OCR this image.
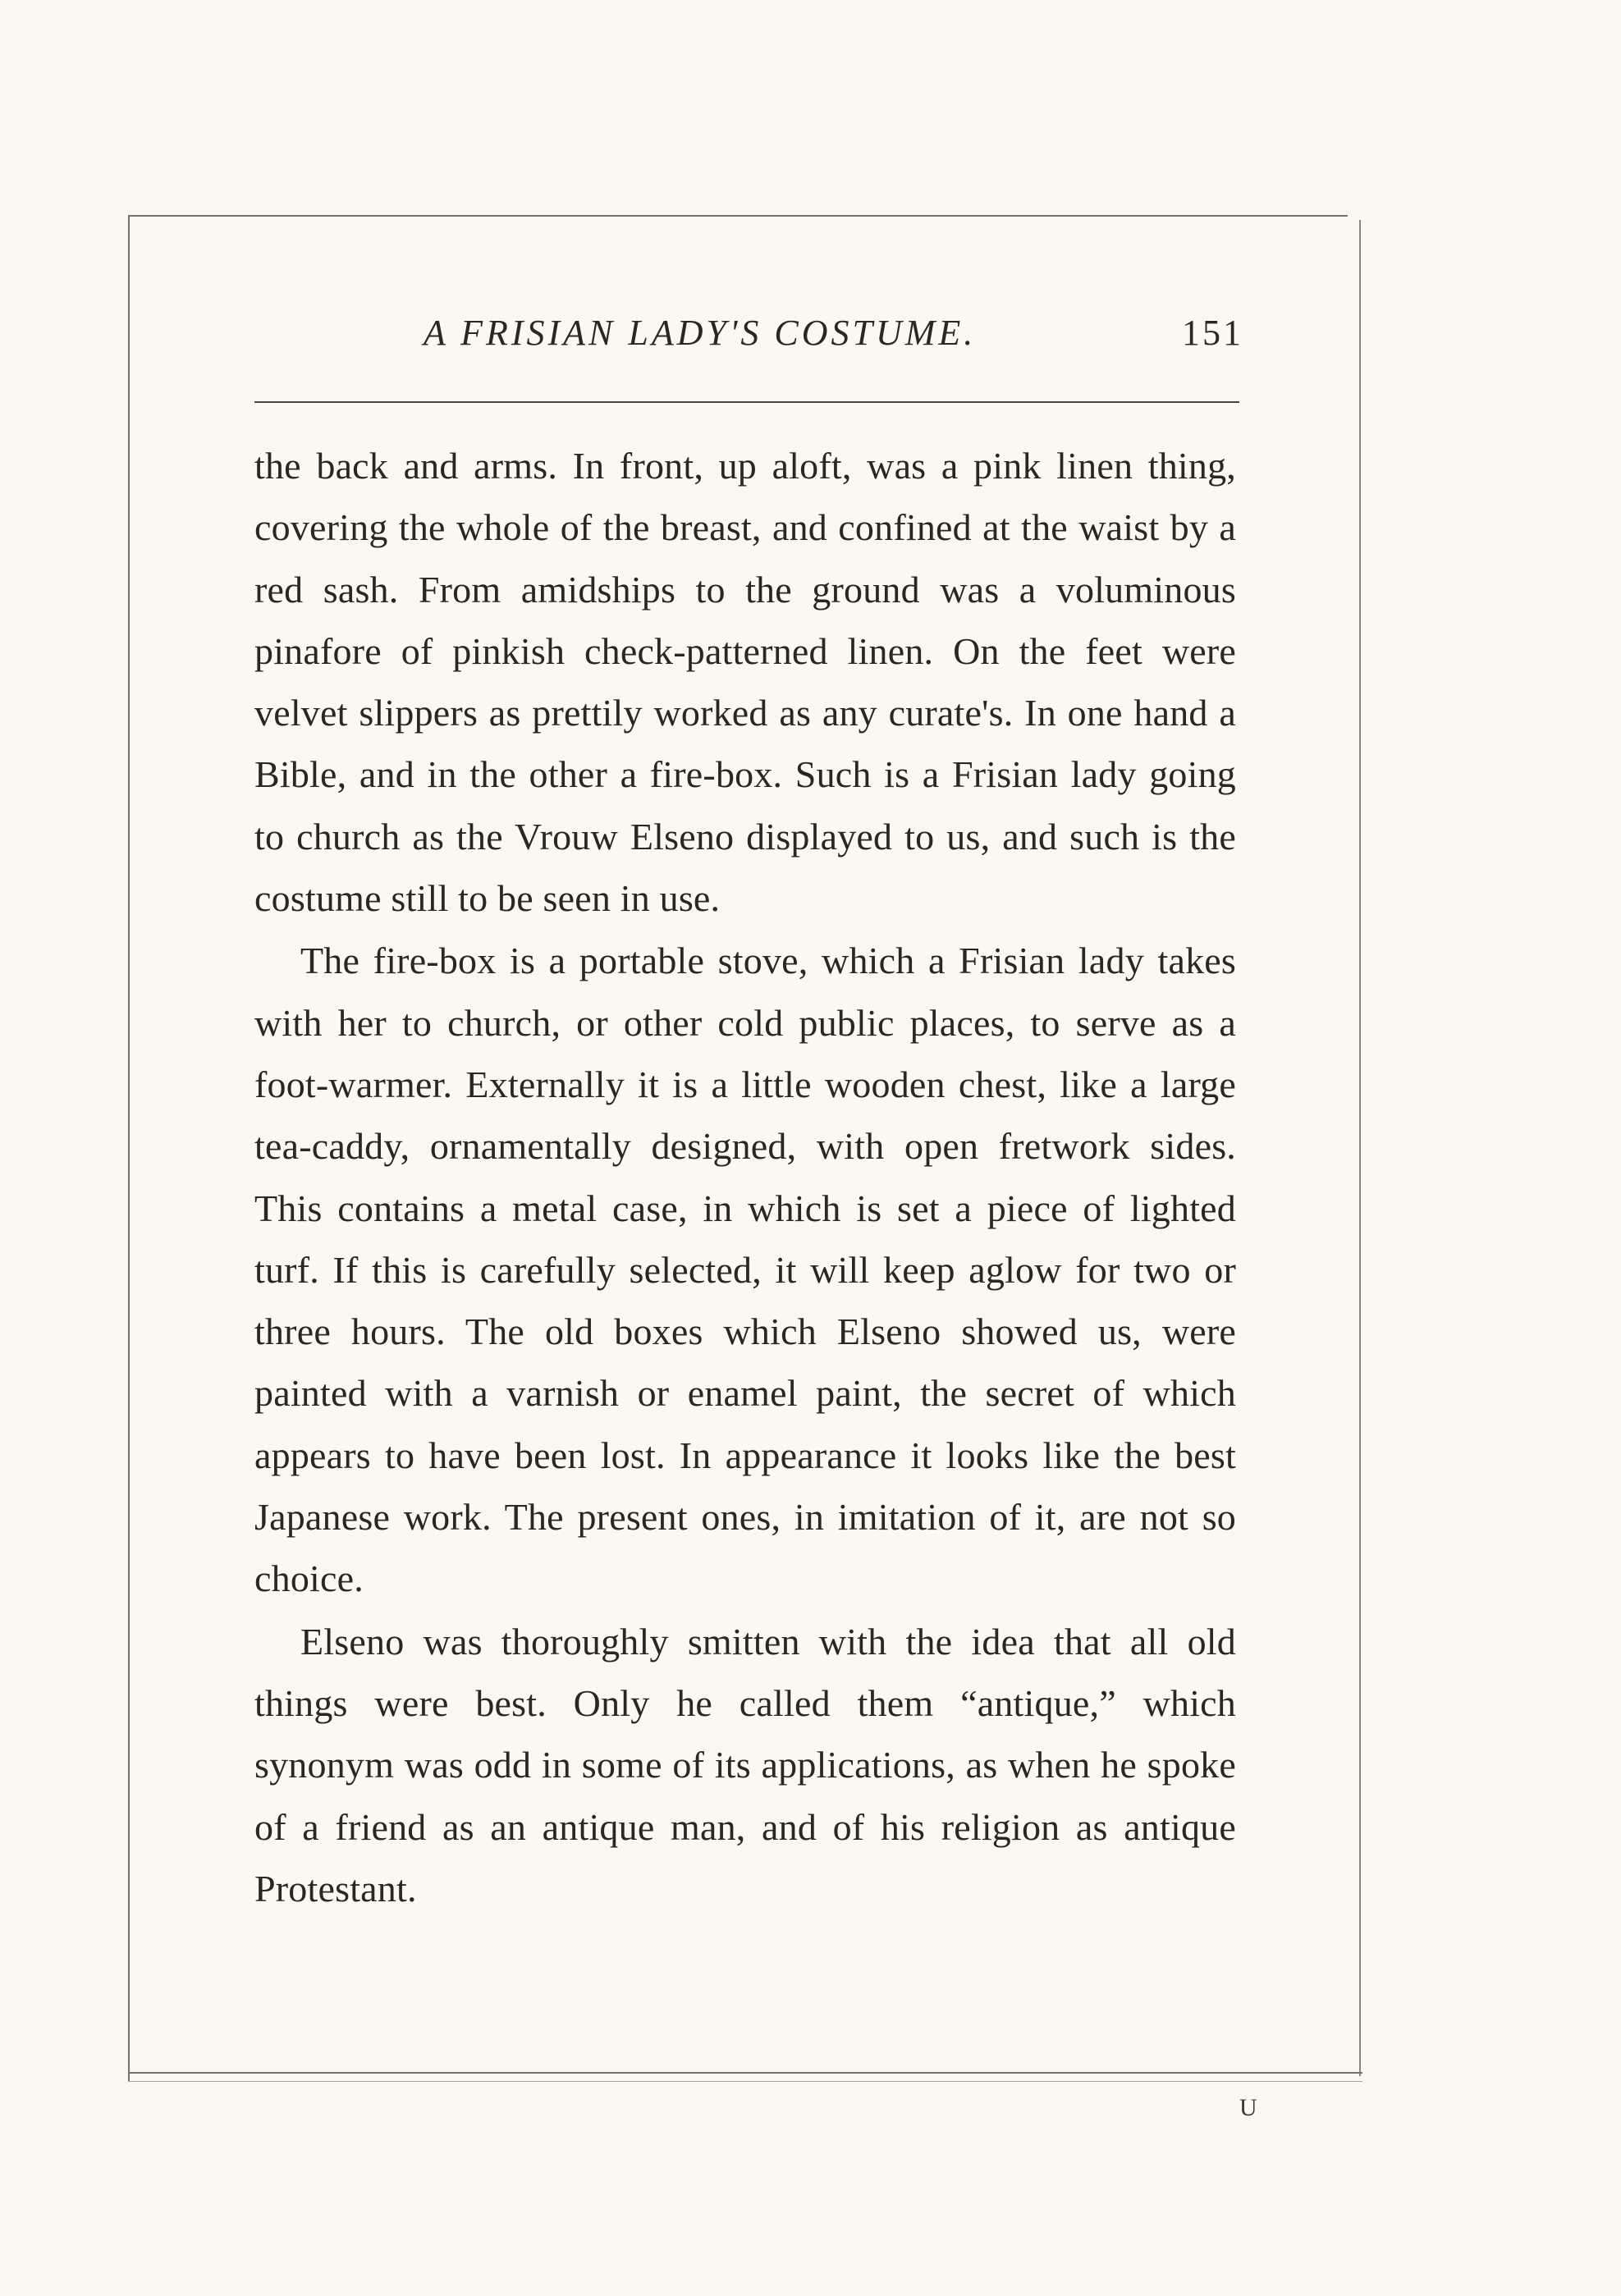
A FRISIAN LADY'S COSTUME.	151

the back and arms. In front, up aloft, was a pink linen thing, covering the whole of the breast, and confined at the waist by a red sash. From amidships to the ground was a voluminous pinafore of pinkish check-patterned linen. On the feet were velvet slippers as prettily worked as any curate's. In one hand a Bible, and in the other a fire-box. Such is a Frisian lady going to church as the Vrouw Elseno displayed to us, and such is the costume still to be seen in use.

The fire-box is a portable stove, which a Frisian lady takes with her to church, or other cold public places, to serve as a foot-warmer. Externally it is a little wooden chest, like a large tea-caddy, ornamentally designed, with open fretwork sides. This contains a metal case, in which is set a piece of lighted turf. If this is carefully selected, it will keep aglow for two or three hours. The old boxes which Elseno showed us, were painted with a varnish or enamel paint, the secret of which appears to have been lost. In appearance it looks like the best Japanese work. The present ones, in imitation of it, are not so choice.

Elseno was thoroughly smitten with the idea that all old things were best. Only he called them “antique,” which synonym was odd in some of its applications, as when he spoke of a friend as an antique man, and of his religion as antique Protestant.

U
